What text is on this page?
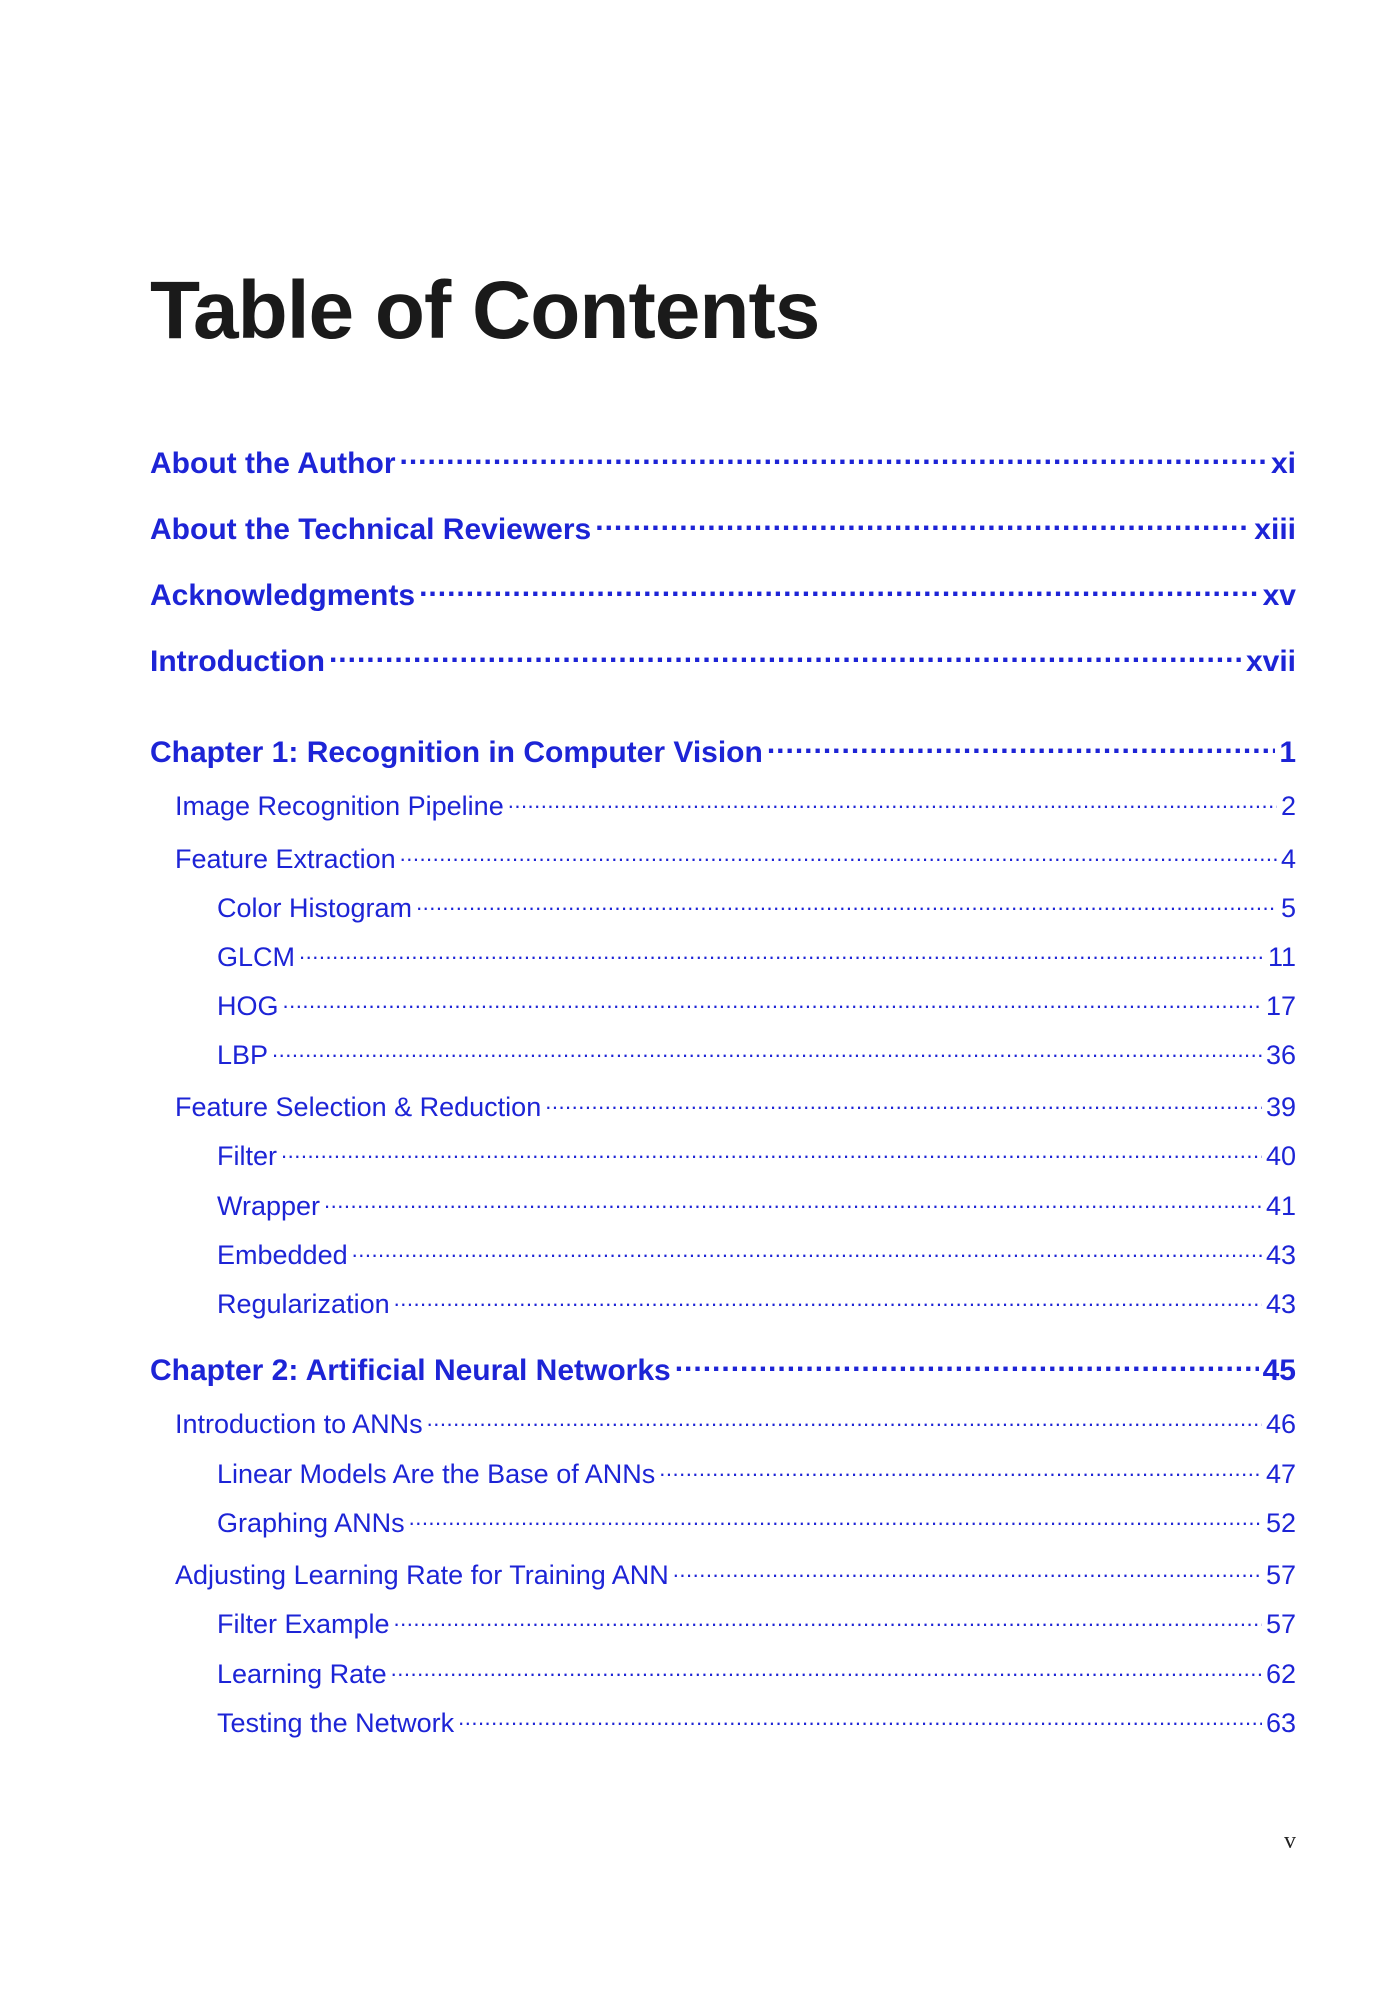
Table of Contents
About the Author .....	xi
About the Technical Reviewers .....	xiii
Acknowledgments .....	xv
Introduction .....	xvii
Chapter 1: Recognition in Computer Vision .....	1
Image Recognition Pipeline .....	2
Feature Extraction .....	4
Color Histogram .....	5
GLCM .....	11
HOG .....	17
LBP .....	36
Feature Selection & Reduction .....	39
Filter .....	40
Wrapper .....	41
Embedded .....	43
Regularization .....	43
Chapter 2: Artificial Neural Networks .....	45
Introduction to ANNs .....	46
Linear Models Are the Base of ANNs .....	47
Graphing ANNs .....	52
Adjusting Learning Rate for Training ANN .....	57
Filter Example .....	57
Learning Rate .....	62
Testing the Network .....	63
v
